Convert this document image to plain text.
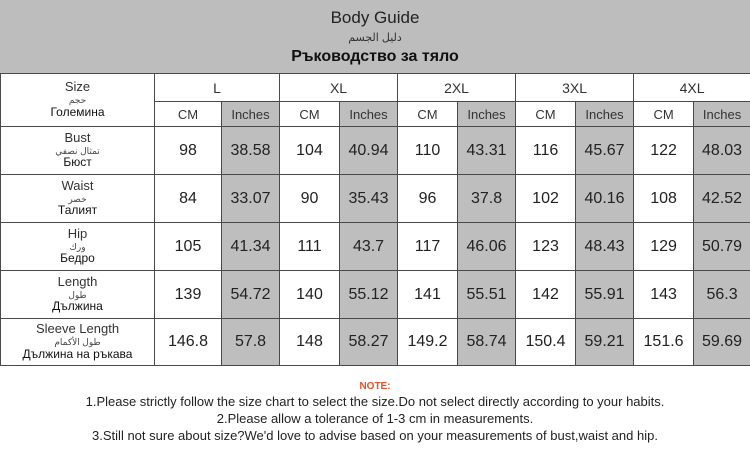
Body Guide
دليل الجسم
Ръководство за тяло
Size
حجم
Големина	L		XL		2XL		3XL		4XL	
	CM	Inches	CM	Inches	CM	Inches	CM	Inches	CM	Inches

Bust
تمثال نصفي
Бюст	98	38.58	104	40.94	110	43.31	116	45.67	122	48.03

Waist
خصر
Талият	84	33.07	90	35.43	96	37.8	102	40.16	108	42.52

Hip
ورك
Бедро	105	41.34	111	43.7	117	46.06	123	48.43	129	50.79

Length
طول
Дължина	139	54.72	140	55.12	141	55.51	142	55.91	143	56.3

Sleeve Length
طول الأكمام
Дължина на ръкава	146.8	57.8	148	58.27	149.2	58.74	150.4	59.21	151.6	59.69
NOTE:
1.Please strictly follow the size chart to select the size.Do not select directly according to your habits.
2.Please allow a tolerance of 1-3 cm in measurements.
3.Still not sure about size?We'd love to advise based on your measurements of bust,waist and hip.
